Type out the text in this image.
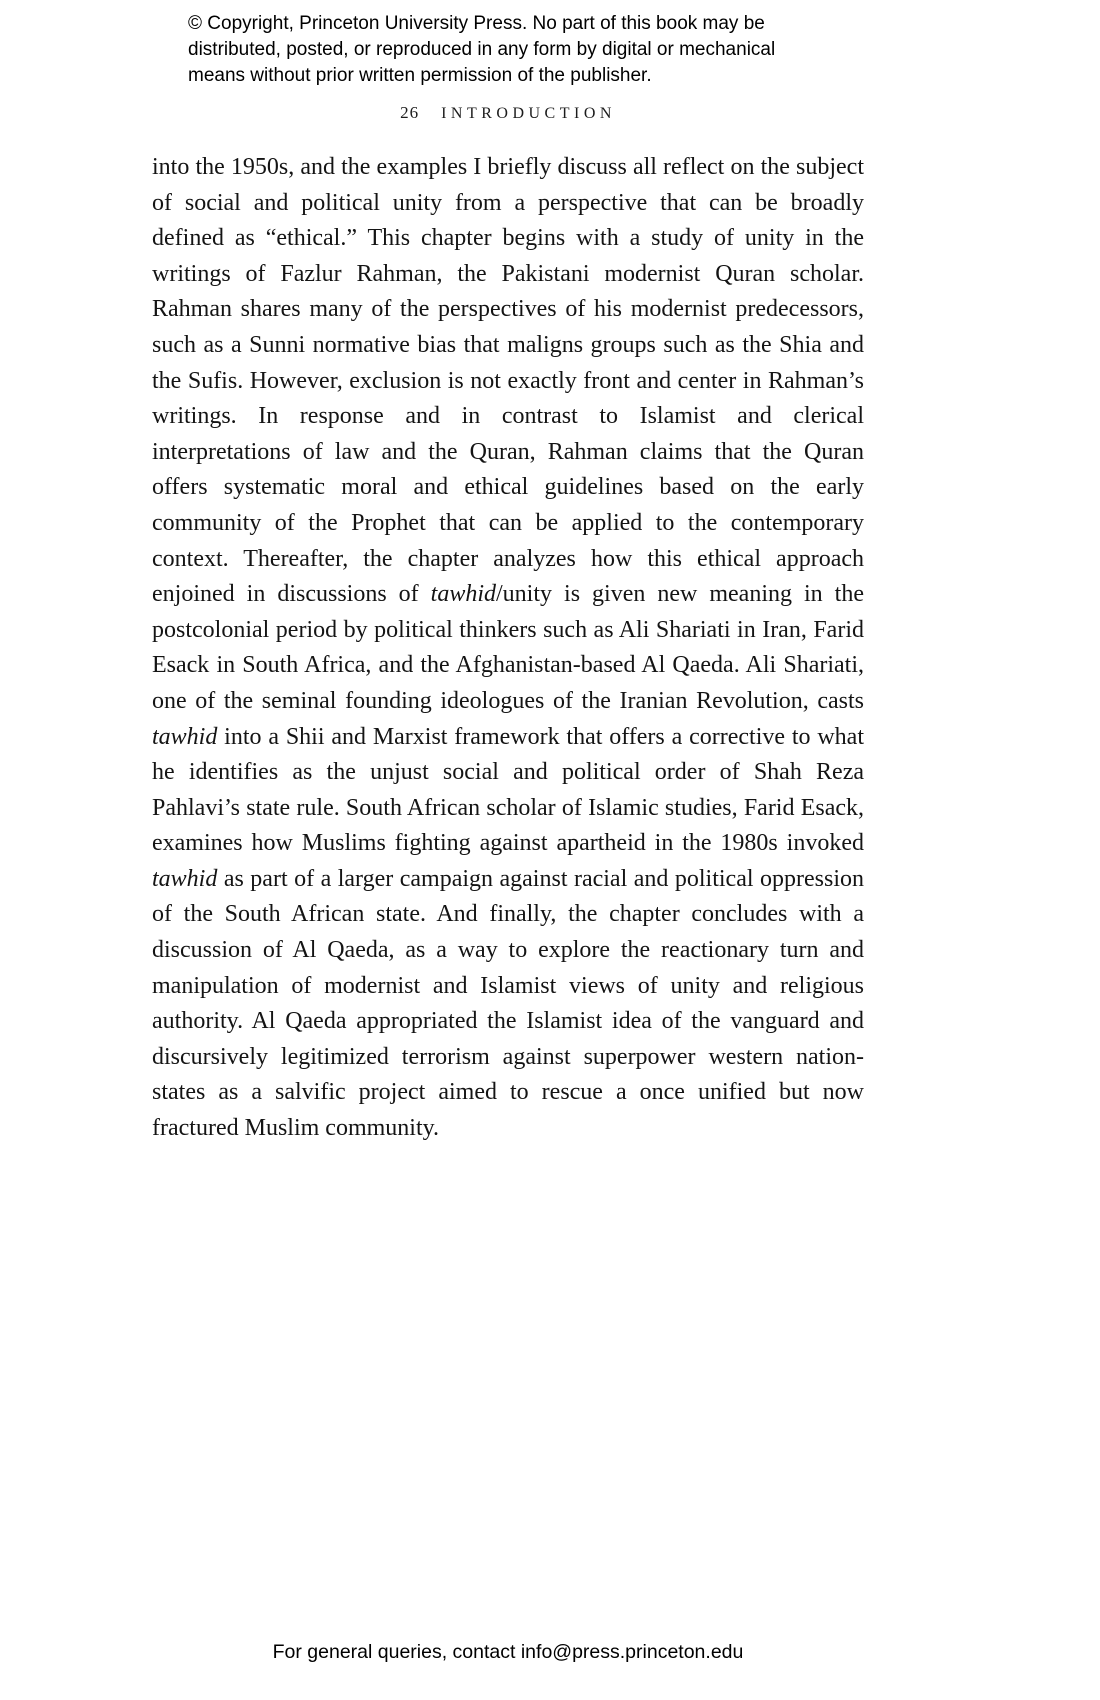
© Copyright, Princeton University Press. No part of this book may be
distributed, posted, or reproduced in any form by digital or mechanical
means without prior written permission of the publisher.
26 INTRODUCTION

into the 1950s, and the examples I briefly discuss all reflect on the subject of social and political unity from a perspective that can be broadly defined as “ethical.” This chapter begins with a study of unity in the writings of Fazlur Rahman, the Pakistani modernist Quran scholar. Rahman shares many of the perspectives of his modernist predecessors, such as a Sunni normative bias that maligns groups such as the Shia and the Sufis. However, exclusion is not exactly front and center in Rahman’s writings. In response and in contrast to Islamist and clerical interpretations of law and the Quran, Rahman claims that the Quran offers systematic moral and ethical guidelines based on the early community of the Prophet that can be applied to the contemporary context. Thereafter, the chapter analyzes how this ethical approach enjoined in discussions of tawhid/unity is given new meaning in the postcolonial period by political thinkers such as Ali Shariati in Iran, Farid Esack in South Africa, and the Afghanistan-based Al Qaeda. Ali Shariati, one of the seminal founding ideologues of the Iranian Revolution, casts tawhid into a Shii and Marxist framework that offers a corrective to what he identifies as the unjust social and political order of Shah Reza Pahlavi’s state rule. South African scholar of Islamic studies, Farid Esack, examines how Muslims fighting against apartheid in the 1980s invoked tawhid as part of a larger campaign against racial and political oppression of the South African state. And finally, the chapter concludes with a discussion of Al Qaeda, as a way to explore the reactionary turn and manipulation of modernist and Islamist views of unity and religious authority. Al Qaeda appropriated the Islamist idea of the vanguard and discursively legitimized terrorism against superpower western nation-states as a salvific project aimed to rescue a once unified but now fractured Muslim community.

For general queries, contact info@press.princeton.edu
